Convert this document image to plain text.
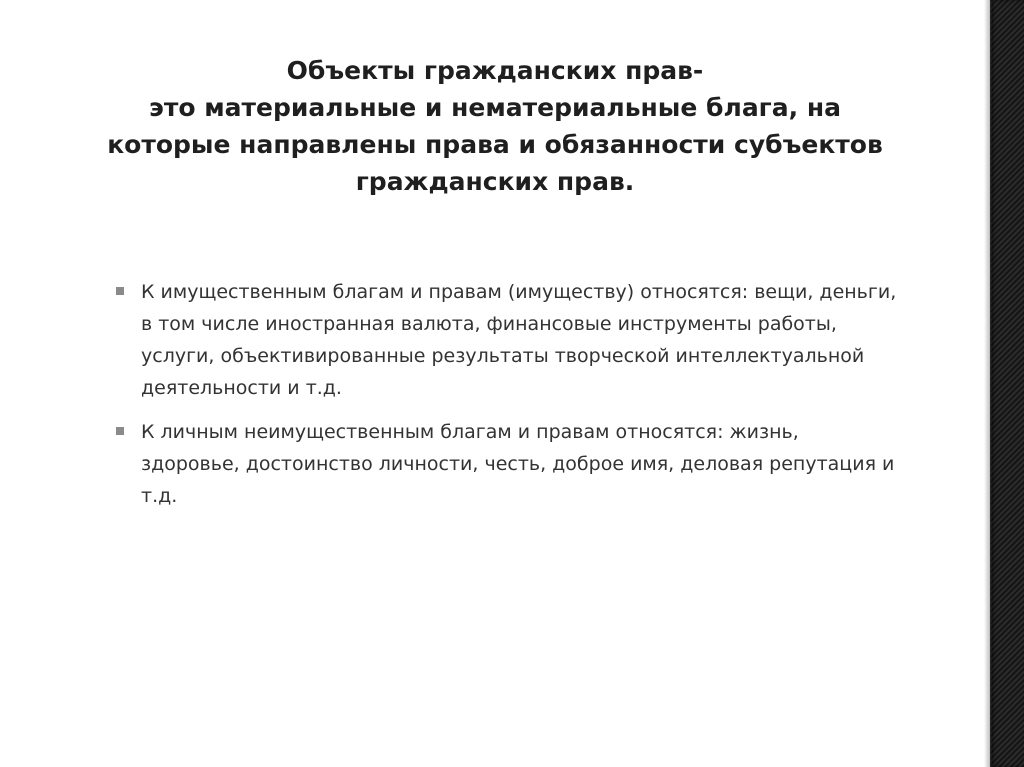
Объекты гражданских прав-
это материальные и нематериальные блага, на
которые направлены права и обязанности субъектов
гражданских прав.
К имущественным благам и правам (имуществу) относятся: вещи, деньги, в том числе иностранная валюта, финансовые инструменты работы, услуги, объективированные результаты творческой интеллектуальной деятельности и т.д.
К личным неимущественным благам и правам относятся: жизнь, здоровье, достоинство личности, честь, доброе имя, деловая репутация и т.д.
